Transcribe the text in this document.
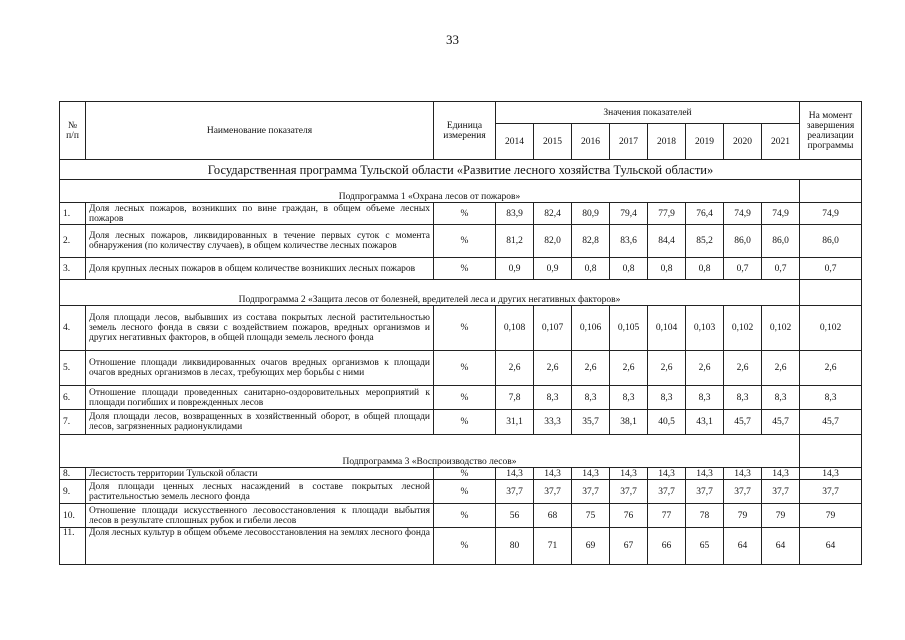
33
№ п/п	Наименование показателя	Единица измерения	Значения показателей								На момент завершения реализации программы
			2014	2015	2016	2017	2018	2019	2020	2021	
Государственная программа Тульской области «Развитие лесного хозяйства Тульской области»											
Подпрограмма 1 «Охрана лесов от пожаров»											
1.	Доля лесных пожаров, возникших по вине граждан, в общем объеме лесных пожаров	%	83,9	82,4	80,9	79,4	77,9	76,4	74,9	74,9	74,9
2.	Доля лесных пожаров, ликвидированных в течение первых суток с момента обнаружения (по количеству случаев), в общем количестве лесных пожаров	%	81,2	82,0	82,8	83,6	84,4	85,2	86,0	86,0	86,0
3.	Доля крупных лесных пожаров в общем количестве возникших лесных пожаров	%	0,9	0,9	0,8	0,8	0,8	0,8	0,7	0,7	0,7
Подпрограмма 2 «Защита лесов от болезней, вредителей леса и других негативных факторов»											
4.	Доля площади лесов, выбывших из состава покрытых лесной растительностью земель лесного фонда в связи с воздействием пожаров, вредных организмов и других негативных факторов, в общей площади земель лесного фонда	%	0,108	0,107	0,106	0,105	0,104	0,103	0,102	0,102	0,102
5.	Отношение площади ликвидированных очагов вредных организмов к площади очагов вредных организмов в лесах, требующих мер борьбы с ними	%	2,6	2,6	2,6	2,6	2,6	2,6	2,6	2,6	2,6
6.	Отношение площади проведенных санитарно-оздоровительных мероприятий к площади погибших и поврежденных лесов	%	7,8	8,3	8,3	8,3	8,3	8,3	8,3	8,3	8,3
7.	Доля площади лесов, возвращенных в хозяйственный оборот, в общей площади лесов, загрязненных радионуклидами	%	31,1	33,3	35,7	38,1	40,5	43,1	45,7	45,7	45,7
Подпрограмма 3 «Воспроизводство лесов»											
8.	Лесистость территории Тульской области	%	14,3	14,3	14,3	14,3	14,3	14,3	14,3	14,3	14,3
9.	Доля площади ценных лесных насаждений в составе покрытых лесной растительностью земель лесного фонда	%	37,7	37,7	37,7	37,7	37,7	37,7	37,7	37,7	37,7
10.	Отношение площади искусственного лесовосстановления к площади выбытия лесов в результате сплошных рубок и гибели лесов	%	56	68	75	76	77	78	79	79	79
11.	Доля лесных культур в общем объеме лесовосстановления на землях лесного фонда	%	80	71	69	67	66	65	64	64	64
